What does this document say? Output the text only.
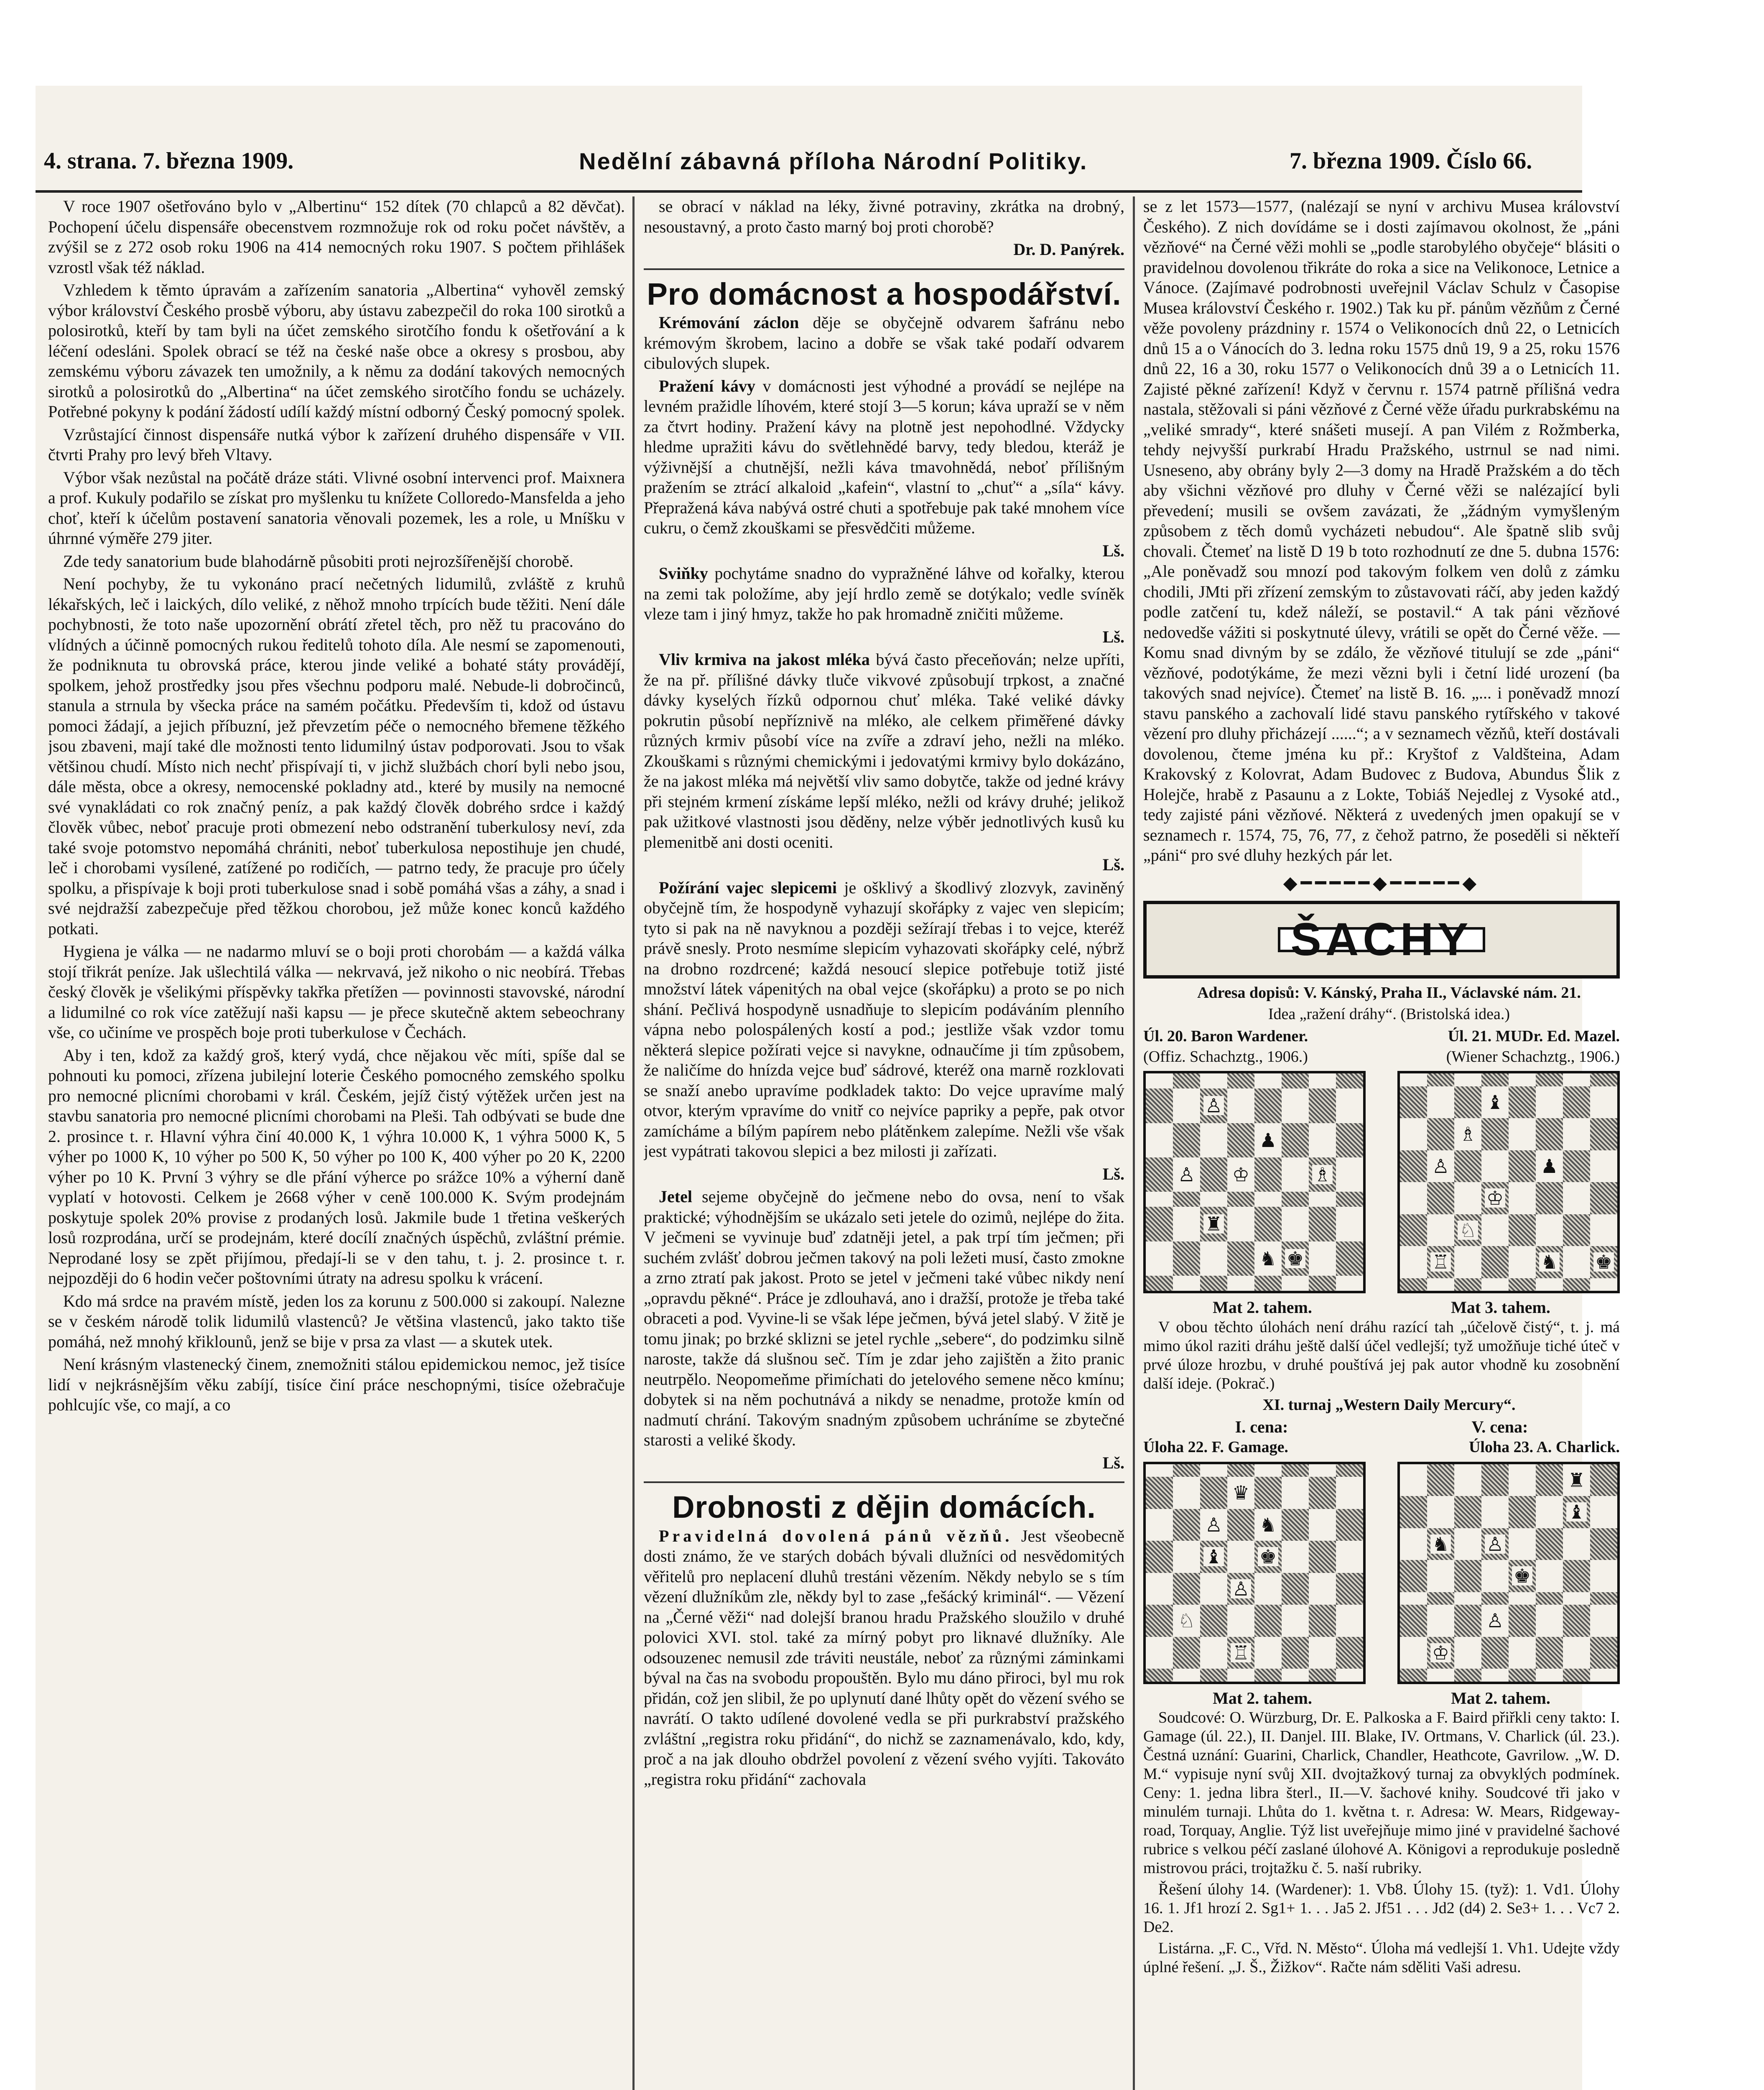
4. strana. 7. března 1909.	Nedělní zábavná příloha Národní Politiky.	7. března 1909. Číslo 66.

V roce 1907 ošetřováno bylo v „Albertinu“ 152 dítek (70 chlapců a 82 děvčat). Pochopení účelu dispensáře obecenstvem rozmnožuje rok od roku počet návštěv, a zvýšil se z 272 osob roku 1906 na 414 nemocných roku 1907. S počtem přihlášek vzrostl však též náklad.

Vzhledem k těmto úpravám a zařízením sanatoria „Albertina“ vyhověl zemský výbor království Českého prosbě výboru, aby ústavu zabezpečil do roka 100 sirotků a polosirotků, kteří by tam byli na účet zemského sirotčího fondu k ošetřování a k léčení odesláni. Spolek obrací se též na české naše obce a okresy s prosbou, aby zemskému výboru závazek ten umožnily, a k němu za dodání takových nemocných sirotků a polosirotků do „Albertina“ na účet zemského sirotčího fondu se ucházely. Potřebné pokyny k podání žádostí udílí každý místní odborný Český pomocný spolek.

Vzrůstající činnost dispensáře nutká výbor k zařízení druhého dispensáře v VII. čtvrti Prahy pro levý břeh Vltavy.

Výbor však nezůstal na počátě dráze státi. Vlivné osobní intervenci prof. Maixnera a prof. Kukuly podařilo se získat pro myšlenku tu knížete Colloredo-Mansfelda a jeho choť, kteří k účelům postavení sanatoria věnovali pozemek, les a role, u Mníšku v úhrnné výměře 279 jiter.

Zde tedy sanatorium bude blahodárně působiti proti nejrozšířenější chorobě.

Není pochyby, že tu vykonáno prací nečetných lidumilů, zvláště z kruhů lékařských, leč i laických, dílo veliké, z něhož mnoho trpících bude těžiti. Není dále pochybnosti, že toto naše upozornění obrátí zřetel těch, pro něž tu pracováno do vlídných a účinně pomocných rukou ředitelů tohoto díla. Ale nesmí se zapomenouti, že podniknuta tu obrovská práce, kterou jinde veliké a bohaté státy provádějí, spolkem, jehož prostředky jsou přes všechnu podporu malé. Nebude-li dobročinců, stanula a strnula by všecka práce na samém počátku. Především ti, kdož od ústavu pomoci žádají, a jejich příbuzní, jež převzetím péče o nemocného břemene těžkého jsou zbaveni, mají také dle možnosti tento lidumilný ústav podporovati. Jsou to však většinou chudí. Místo nich nechť přispívají ti, v jichž službách chorí byli nebo jsou, dále města, obce a okresy, nemocenské pokladny atd., které by musily na nemocné své vynakládati co rok značný peníz, a pak každý člověk dobrého srdce i každý člověk vůbec, neboť pracuje proti obmezení nebo odstranění tuberkulosy neví, zda také svoje potomstvo nepomáhá chrániti, neboť tuberkulosa nepostihuje jen chudé, leč i chorobami vysílené, zatížené po rodičích, — patrno tedy, že pracuje pro účely spolku, a přispívaje k boji proti tuberkulose snad i sobě pomáhá všas a záhy, a snad i své nejdražší zabezpečuje před těžkou chorobou, jež může konec konců každého potkati.

Hygiena je válka — ne nadarmo mluví se o boji proti chorobám — a každá válka stojí třikrát peníze. Jak ušlechtilá válka — nekrvavá, jež nikoho o nic neobírá. Třebas český člověk je všelikými příspěvky takřka přetížen — povinnosti stavovské, národní a lidumilné co rok více zatěžují naši kapsu — je přece skutečně aktem sebeochrany vše, co učiníme ve prospěch boje proti tuberkulose v Čechách.

Aby i ten, kdož za každý groš, který vydá, chce nějakou věc míti, spíše dal se pohnouti ku pomoci, zřízena jubilejní loterie Českého pomocného zemského spolku pro nemocné plicními chorobami v král. Českém, jejíž čistý výtěžek určen jest na stavbu sanatoria pro nemocné plicními chorobami na Pleši. Tah odbývati se bude dne 2. prosince t. r. Hlavní výhra činí 40.000 K, 1 výhra 10.000 K, 1 výhra 5000 K, 5 výher po 1000 K, 10 výher po 500 K, 50 výher po 100 K, 400 výher po 20 K, 2200 výher po 10 K. První 3 výhry se dle přání výherce po srážce 10% a výherní daně vyplatí v hotovosti. Celkem je 2668 výher v ceně 100.000 K. Svým prodejnám poskytuje spolek 20% provise z prodaných losů. Jakmile bude 1 třetina veškerých losů rozprodána, určí se prodejnám, které docílí značných úspěchů, zvláštní prémie. Neprodané losy se zpět přijímou, předají-li se v den tahu, t. j. 2. prosince t. r. nejpozději do 6 hodin večer poštovními útraty na adresu spolku k vrácení.

Kdo má srdce na pravém místě, jeden los za korunu z 500.000 si zakoupí. Nalezne se v českém národě tolik lidumilů vlastenců? Je většina vlastenců, jako takto tiše pomáhá, než mnohý křiklounů, jenž se bije v prsa za vlast — a skutek utek.

Není krásným vlastenecký činem, znemožniti stálou epidemickou nemoc, jež tisíce lidí v nejkrásnějším věku zabíjí, tisíce činí práce neschopnými, tisíce ožebračuje pohlcujíc vše, co mají, a co

se obrací v náklad na léky, živné potraviny, zkrátka na drobný, nesoustavný, a proto často marný boj proti chorobě?

Dr. D. Panýrek.

Pro domácnost a hospodářství.

Krémování záclon děje se obyčejně odvarem šafránu nebo krémovým škrobem, lacino a dobře se však také podaří odvarem cibulových slupek.

Pražení kávy v domácnosti jest výhodné a provádí se nejlépe na levném pražidle líhovém, které stojí 3—5 korun; káva upraží se v něm za čtvrt hodiny. Pražení kávy na plotně jest nepohodlné. Vždycky hledme upražiti kávu do světlehnědé barvy, tedy bledou, kteráž je výživnější a chutnější, nežli káva tmavohnědá, neboť přílišným pražením se ztrácí alkaloid „kafein“, vlastní to „chuť“ a „síla“ kávy. Přepražená káva nabývá ostré chuti a spotřebuje pak také mnohem více cukru, o čemž zkouškami se přesvědčiti můžeme.

Lš.

Sviňky pochytáme snadno do vypražněné láhve od kořalky, kterou na zemi tak položíme, aby její hrdlo země se dotýkalo; vedle svíněk vleze tam i jiný hmyz, takže ho pak hromadně zničiti můžeme.

Lš.

Vliv krmiva na jakost mléka bývá často přeceňován; nelze upříti, že na př. přílišné dávky tluče vikvové způsobují trpkost, a značné dávky kyselých řízků odpornou chuť mléka. Také veliké dávky pokrutin působí nepříznivě na mléko, ale celkem přiměřené dávky různých krmiv působí více na zvíře a zdraví jeho, nežli na mléko. Zkouškami s různými chemickými i jedovatými krmivy bylo dokázáno, že na jakost mléka má největší vliv samo dobytče, takže od jedné krávy při stejném krmení získáme lepší mléko, nežli od krávy druhé; jelikož pak užitkové vlastnosti jsou děděny, nelze výběr jednotlivých kusů ku plemenitbě ani dosti oceniti.

Lš.

Požírání vajec slepicemi je ošklivý a škodlivý zlozvyk, zaviněný obyčejně tím, že hospodyně vyhazují skořápky z vajec ven slepicím; tyto si pak na ně navyknou a později sežírají třebas i to vejce, kteréž právě snesly. Proto nesmíme slepicím vyhazovati skořápky celé, nýbrž na drobno rozdrcené; každá nesoucí slepice potřebuje totiž jisté množství látek vápenitých na obal vejce (skořápku) a proto se po nich shání. Pečlivá hospodyně usnadňuje to slepicím podáváním plenního vápna nebo polospálených kostí a pod.; jestliže však vzdor tomu některá slepice požírati vejce si navykne, odnaučíme ji tím způsobem, že naličíme do hnízda vejce buď sádrové, kteréž ona marně rozklovati se snaží anebo upravíme podkladek takto: Do vejce upravíme malý otvor, kterým vpravíme do vnitř co nejvíce papriky a pepře, pak otvor zamícháme a bílým papírem nebo plátěnkem zalepíme. Nežli vše však jest vypátrati takovou slepici a bez milosti ji zařízati.

Lš.

Jetel sejeme obyčejně do ječmene nebo do ovsa, není to však praktické; výhodnějším se ukázalo seti jetele do ozimů, nejlépe do žita. V ječmeni se vyvinuje buď zdatněji jetel, a pak trpí tím ječmen; při suchém zvlášť dobrou ječmen takový na poli ležeti musí, často zmokne a zrno ztratí pak jakost. Proto se jetel v ječmeni také vůbec nikdy není „opravdu pěkné“. Práce je zdlouhavá, ano i dražší, protože je třeba také obraceti a pod. Vyvine-li se však lépe ječmen, bývá jetel slabý. V žitě je tomu jinak; po brzké sklizni se jetel rychle „sebere“, do podzimku silně naroste, takže dá slušnou seč. Tím je zdar jeho zajištěn a žito pranic neutrpělo. Neopomeňme přimíchati do jetelového semene něco kmínu; dobytek si na něm pochutnává a nikdy se nenadme, protože kmín od nadmutí chrání. Takovým snadným způsobem uchráníme se zbytečné starosti a veliké škody.

Lš.

Drobnosti z dějin domácích.

Pravidelná dovolená pánů vězňů. Jest všeobecně dosti známo, že ve starých dobách bývali dlužníci od nesvědomitých věřitelů pro neplacení dluhů trestáni vězením. Někdy nebylo se s tím vězení dlužníkům zle, někdy byl to zase „fešácký kriminál“. — Vězení na „Černé věži“ nad dolejší branou hradu Pražského sloužilo v druhé polovici XVI. stol. také za mírný pobyt pro liknavé dlužníky. Ale odsouzenec nemusil zde tráviti neustále, neboť za různými záminkami býval na čas na svobodu propouštěn. Bylo mu dáno přiroci, byl mu rok přidán, což jen slibil, že po uplynutí dané lhůty opět do vězení svého se navrátí. O takto udílené dovolené vedla se při purkrabství pražského zvláštní „registra roku přidání“, do nichž se zaznamenávalo, kdo, kdy, proč a na jak dlouho obdržel povolení z vězení svého vyjíti. Takováto „registra roku přidání“ zachovala

se z let 1573—1577, (nalézají se nyní v archivu Musea království Českého). Z nich dovídáme se i dosti zajímavou okolnost, že „páni vězňové“ na Černé věži mohli se „podle starobylého obyčeje“ blásiti o pravidelnou dovolenou třikráte do roka a sice na Velikonoce, Letnice a Vánoce. (Zajímavé podrobnosti uveřejnil Václav Schulz v Časopise Musea království Českého r. 1902.) Tak ku př. pánům vězňům z Černé věže povoleny prázdniny r. 1574 o Velikonocích dnů 22, o Letnicích dnů 15 a o Vánocích do 3. ledna roku 1575 dnů 19, 9 a 25, roku 1576 dnů 22, 16 a 30, roku 1577 o Velikonocích dnů 39 a o Letnicích 11. Zajisté pěkné zařízení! Když v červnu r. 1574 patrně přílišná vedra nastala, stěžovali si páni vězňové z Černé věže úřadu purkrabskému na „veliké smrady“, které snášeti musejí. A pan Vilém z Rožmberka, tehdy nejvyšší purkrabí Hradu Pražského, ustrnul se nad nimi. Usneseno, aby obrány byly 2—3 domy na Hradě Pražském a do těch aby všichni vězňové pro dluhy v Černé věži se nalézající byli převedení; musili se ovšem zavázati, že „žádným vymyšleným způsobem z těch domů vycházeti nebudou“. Ale špatně slib svůj chovali. Čtemeť na listě D 19 b toto rozhodnutí ze dne 5. dubna 1576: „Ale poněvadž sou mnozí pod takovým folkem ven dolů z zámku chodili, JMti při zřízení zemským to zůstavovati ráčí, aby jeden každý podle zatčení tu, kdež náleží, se postavil.“ A tak páni vězňové nedovedše vážiti si poskytnuté úlevy, vrátili se opět do Černé věže. — Komu snad divným by se zdálo, že vězňové titulují se zde „páni“ vězňové, podotýkáme, že mezi vězni byli i četní lidé urození (ba takových snad nejvíce). Čtemeť na listě B. 16. „... i poněvadž mnozí stavu panského a zachovalí lidé stavu panského rytířského v takové vězení pro dluhy přicházejí ......“; a v seznamech vězňů, kteří dostávali dovolenou, čteme jména ku př.: Kryštof z Valdšteina, Adam Krakovský z Kolovrat, Adam Budovec z Budova, Abundus Šlik z Holejče, hrabě z Pasaunu a z Lokte, Tobiáš Nejedlej z Vysoké atd., tedy zajisté páni vězňové. Některá z uvedených jmen opakují se v seznamech r. 1574, 75, 76, 77, z čehož patrno, že poseděli si někteří „páni“ pro své dluhy hezkých pár let.

◆━━━━━◆━━━━━◆
ŠACHY

Adresa dopisů: V. Kánský, Praha II., Václavské nám. 21.

Idea „ražení dráhy“. (Bristolská idea.)

Úl. 20. Baron Wardener.	Úl. 21. MUDr. Ed. Mazel.
(Offiz. Schachztg., 1906.)	(Wiener Schachztg., 1906.)
♙
♟
♙ ♔	♗
♜
♞ ♚
♝
♗
♙	♟
♔
♘
♖	♞ ♚
Mat 2. tahem.	Mat 3. tahem.

V obou těchto úlohách není dráhu razící tah „účelově čistý“, t. j. má mimo úkol raziti dráhu ještě další účel vedlejší; tyž umožňuje tiché úteč v prvé úloze hrozbu, v druhé pouštívá jej pak autor vhodně ku zosobnění další ideje. (Pokrač.)

XI. turnaj „Western Daily Mercury“.

I. cena:	V. cena:
Úloha 22. F. Gamage.	Úloha 23. A. Charlick.
♛
♙ ♞
♝ ♚
♙
♘
♖
♜
♝
♞ ♙
♚
♙
♔
Mat 2. tahem.	Mat 2. tahem.

Soudcové: O. Würzburg, Dr. E. Palkoska a F. Baird přiřkli ceny takto: I. Gamage (úl. 22.), II. Danjel. III. Blake, IV. Ortmans, V. Charlick (úl. 23.). Čestná uznání: Guarini, Charlick, Chandler, Heathcote, Gavrilow. „W. D. M.“ vypisuje nyní svůj XII. dvojtažkový turnaj za obvyklých podmínek. Ceny: 1. jedna libra šterl., II.—V. šachové knihy. Soudcové tři jako v minulém turnaji. Lhůta do 1. května t. r. Adresa: W. Mears, Ridgeway-road, Torquay, Anglie. Týž list uveřejňuje mimo jiné v pravidelné šachové rubrice s velkou péčí zaslané úlohové A. Königovi a reprodukuje posledně mistrovou práci, trojtažku č. 5. naší rubriky.

Řešení úlohy 14. (Wardener): 1. Vb8. Úlohy 15. (tyž): 1. Vd1. Úlohy 16. 1. Jf1 hrozí 2. Sg1+ 1. . . Ja5 2. Jf51 . . . Jd2 (d4) 2. Se3+ 1. . . Vc7 2. De2.

Listárna. „F. C., Vřd. N. Město“. Úloha má vedlejší 1. Vh1. Udejte vždy úplné řešení. „J. Š., Žižkov“. Račte nám sděliti Vaši adresu.
